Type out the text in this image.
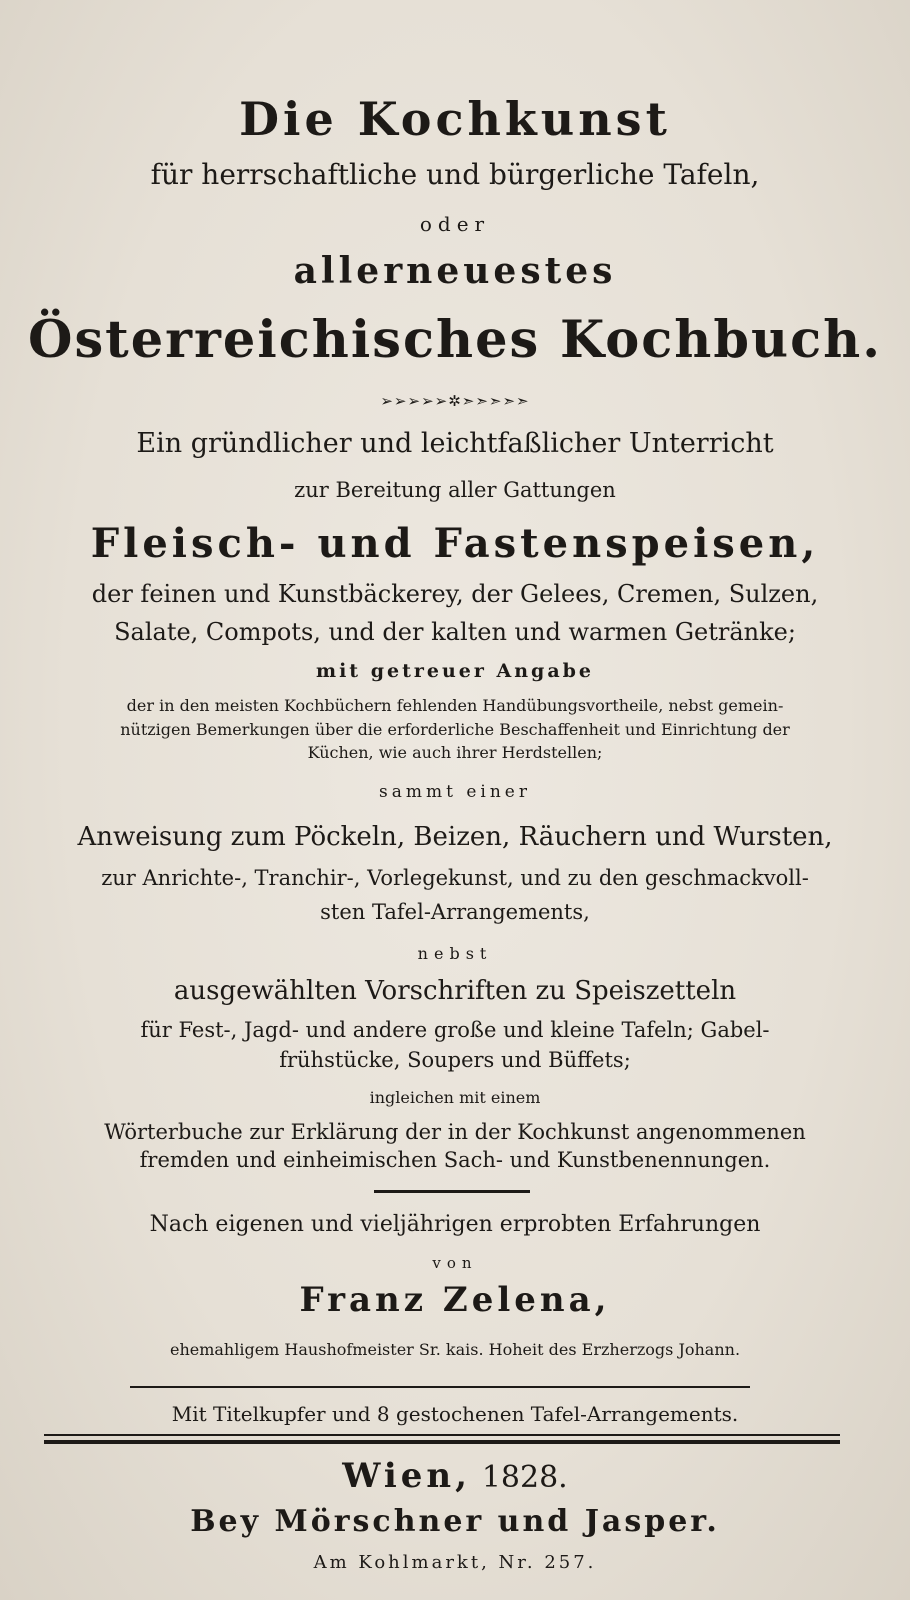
Die Kochkunst
für herrschaftliche und bürgerliche Tafeln,
oder
allerneuestes
Österreichisches Kochbuch.
➢➢➢➢➢✲➣➣➣➣➣
Ein gründlicher und leichtfaßlicher Unterricht
zur Bereitung aller Gattungen
Fleisch- und Fastenspeisen,
der feinen und Kunstbäckerey, der Gelees, Cremen, Sulzen,
Salate, Compots, und der kalten und warmen Getränke;
mit getreuer Angabe
der in den meisten Kochbüchern fehlenden Handübungsvortheile, nebst gemein-
nützigen Bemerkungen über die erforderliche Beschaffenheit und Einrichtung der
Küchen, wie auch ihrer Herdstellen;
sammt einer
Anweisung zum Pöckeln, Beizen, Räuchern und Wursten,
zur Anrichte-, Tranchir-, Vorlegekunst, und zu den geschmackvoll-
sten Tafel-Arrangements,
nebst
ausgewählten Vorschriften zu Speiszetteln
für Fest-, Jagd- und andere große und kleine Tafeln; Gabel-
frühstücke, Soupers und Büffets;
ingleichen mit einem
Wörterbuche zur Erklärung der in der Kochkunst angenommenen
fremden und einheimischen Sach- und Kunstbenennungen.
Nach eigenen und vieljährigen erprobten Erfahrungen
von
Franz Zelena,
ehemahligem Haushofmeister Sr. kais. Hoheit des Erzherzogs Johann.
Mit Titelkupfer und 8 gestochenen Tafel-Arrangements.
Wien, 1828.
Bey Mörschner und Jasper.
Am Kohlmarkt, Nr. 257.
